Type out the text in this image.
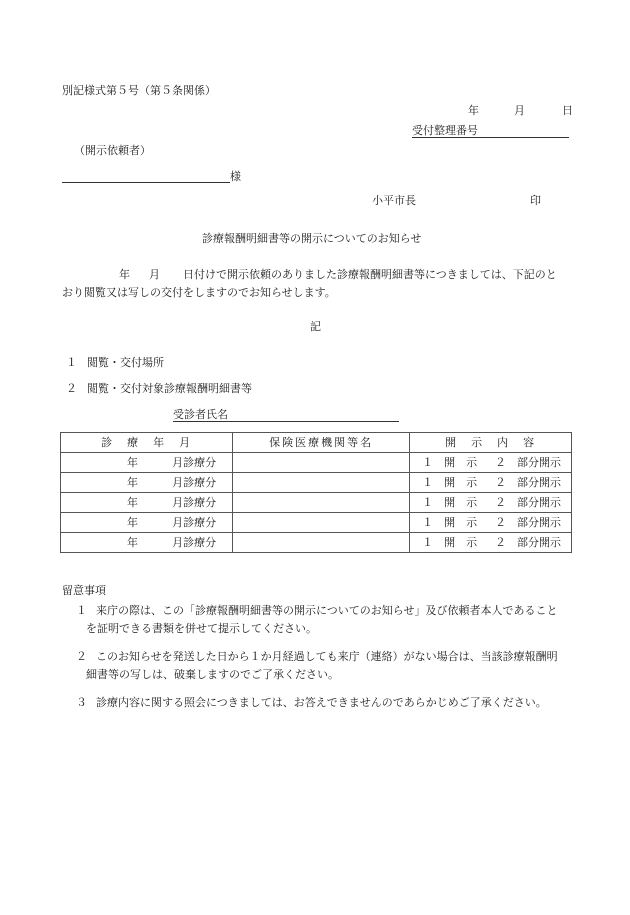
別記様式第５号（第５条関係）
年	月	日
受付整理番号
（開示依頼者）
様
小平市長	印
診療報酬明細書等の開示についてのお知らせ
年 月 日付けで開示依頼のありました診療報酬明細書等につきましては、下記のと
おり閲覧又は写しの交付をしますのでお知らせします。
記
１ 閲覧・交付場所
２ 閲覧・交付対象診療報酬明細書等
受診者氏名
診　療　年　月	保険医療機関等名	開　示　内　容

年 月診療分		１　開　示 ２　部分開示

年 月診療分		１　開　示 ２　部分開示

年 月診療分		１　開　示 ２　部分開示

年 月診療分		１　開　示 ２　部分開示

年 月診療分		１　開　示 ２　部分開示
留意事項
１ 来庁の際は、この「診療報酬明細書等の開示についてのお知らせ」及び依頼者本人であること
を証明できる書類を併せて提示してください。
２ このお知らせを発送した日から１か月経過しても来庁（連絡）がない場合は、当該診療報酬明
細書等の写しは、破棄しますのでご了承ください。
３ 診療内容に関する照会につきましては、お答えできませんのであらかじめご了承ください。
